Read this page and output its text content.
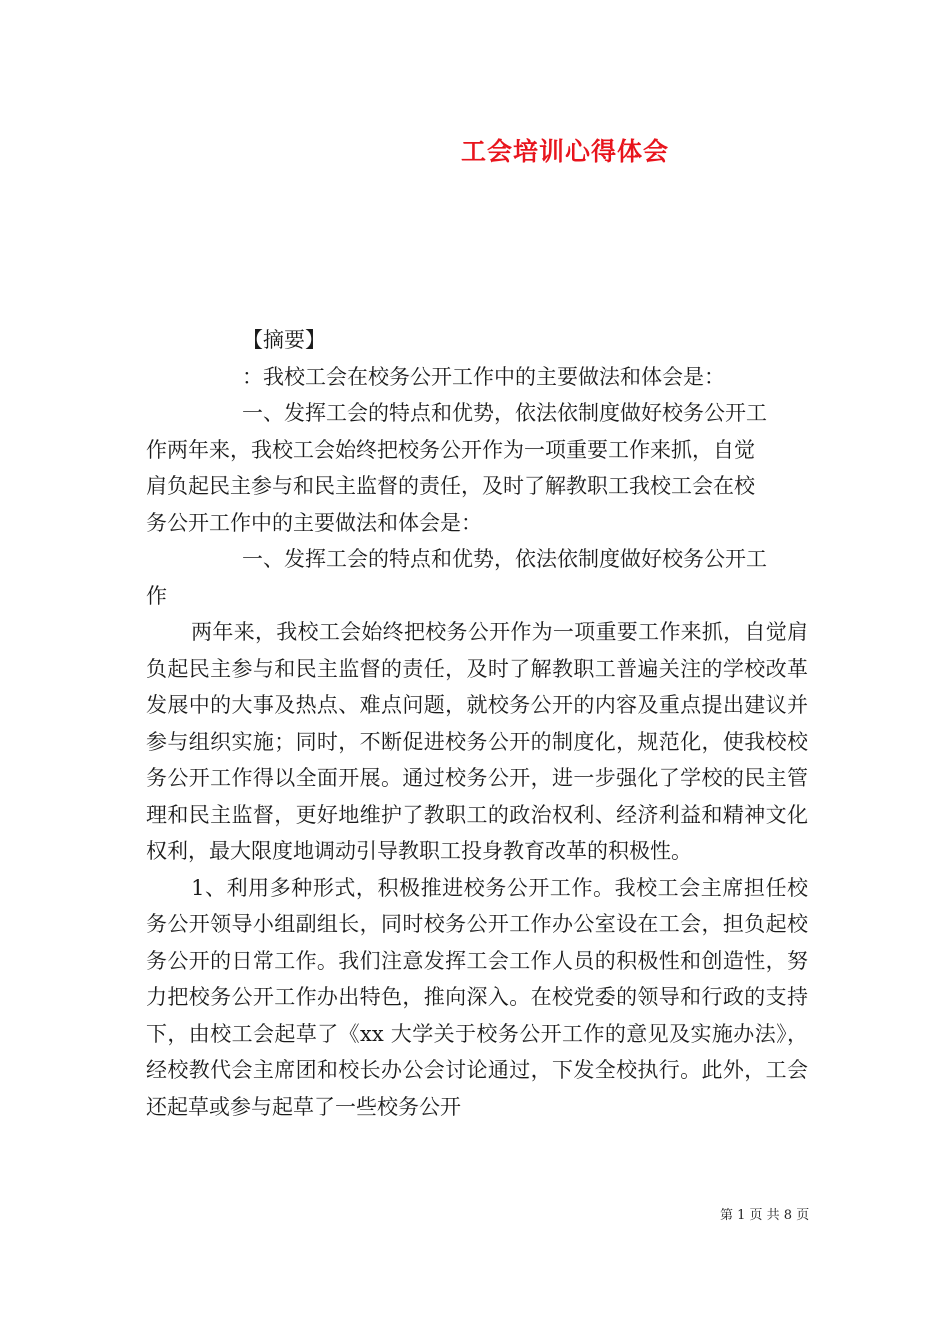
工会培训心得体会
【摘要】
：我校工会在校务公开工作中的主要做法和体会是：
一、发挥工会的特点和优势，依法依制度做好校务公开工
作两年来，我校工会始终把校务公开作为一项重要工作来抓，自觉
肩负起民主参与和民主监督的责任，及时了解教职工我校工会在校
务公开工作中的主要做法和体会是：
一、发挥工会的特点和优势，依法依制度做好校务公开工
作

两年来，我校工会始终把校务公开作为一项重要工作来抓，自觉肩负起民主参与和民主监督的责任，及时了解教职工普遍关注的学校改革发展中的大事及热点、难点问题，就校务公开的内容及重点提出建议并参与组织实施；同时，不断促进校务公开的制度化，规范化，使我校校务公开工作得以全面开展。通过校务公开，进一步强化了学校的民主管理和民主监督，更好地维护了教职工的政治权利、经济利益和精神文化权利，最大限度地调动引导教职工投身教育改革的积极性。

1、利用多种形式，积极推进校务公开工作。我校工会主席担任校务公开领导小组副组长，同时校务公开工作办公室设在工会，担负起校务公开的日常工作。我们注意发挥工会工作人员的积极性和创造性，努力把校务公开工作办出特色，推向深入。在校党委的领导和行政的支持下，由校工会起草了《xx 大学关于校务公开工作的意见及实施办法》，经校教代会主席团和校长办公会讨论通过，下发全校执行。此外，工会还起草或参与起草了一些校务公开

第 1 页 共 8 页
